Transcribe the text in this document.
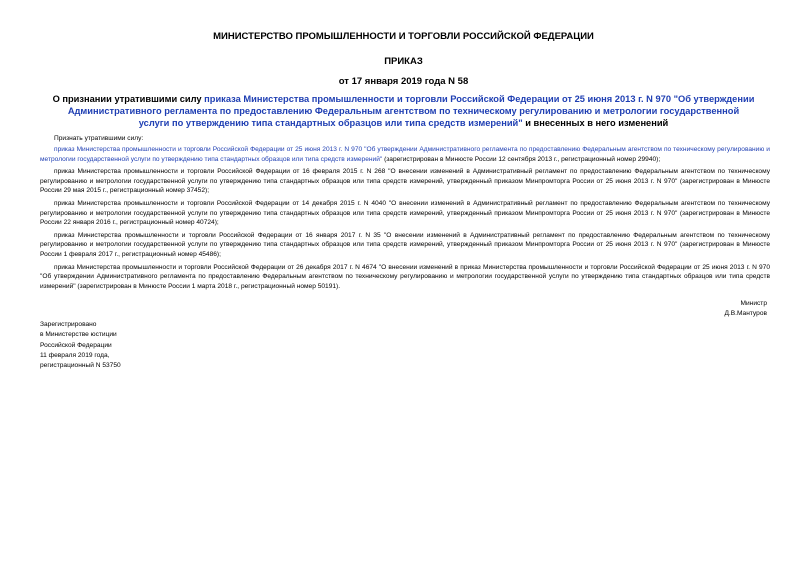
МИНИСТЕРСТВО ПРОМЫШЛЕННОСТИ И ТОРГОВЛИ РОССИЙСКОЙ ФЕДЕРАЦИИ
ПРИКАЗ
от 17 января 2019 года N 58
О признании утратившими силу приказа Министерства промышленности и торговли Российской Федерации от 25 июня 2013 г. N 970 "Об утверждении Административного регламента по предоставлению Федеральным агентством по техническому регулированию и метрологии государственной услуги по утверждению типа стандартных образцов или типа средств измерений" и внесенных в него изменений

Признать утратившими силу:

приказ Министерства промышленности и торговли Российской Федерации от 25 июня 2013 г. N 970 "Об утверждении Административного регламента по предоставлению Федеральным агентством по техническому регулированию и метрологии государственной услуги по утверждению типа стандартных образцов или типа средств измерений" (зарегистрирован в Минюсте России 12 сентября 2013 г., регистрационный номер 29940);

приказ Министерства промышленности и торговли Российской Федерации от 16 февраля 2015 г. N 268 "О внесении изменений в Административный регламент по предоставлению Федеральным агентством по техническому регулированию и метрологии государственной услуги по утверждению типа стандартных образцов или типа средств измерений, утвержденный приказом Минпромторга России от 25 июня 2013 г. N 970" (зарегистрирован в Минюсте России 29 мая 2015 г., регистрационный номер 37452);

приказ Министерства промышленности и торговли Российской Федерации от 14 декабря 2015 г. N 4040 "О внесении изменений в Административный регламент по предоставлению Федеральным агентством по техническому регулированию и метрологии государственной услуги по утверждению типа стандартных образцов или типа средств измерений, утвержденный приказом Минпромторга России от 25 июня 2013 г. N 970" (зарегистрирован в Минюсте России 22 января 2016 г., регистрационный номер 40724);

приказ Министерства промышленности и торговли Российской Федерации от 16 января 2017 г. N 35 "О внесении изменений в Административный регламент по предоставлению Федеральным агентством по техническому регулированию и метрологии государственной услуги по утверждению типа стандартных образцов или типа средств измерений, утвержденный приказом Минпромторга России от 25 июня 2013 г. N 970" (зарегистрирован в Минюсте России 1 февраля 2017 г., регистрационный номер 45486);

приказ Министерства промышленности и торговли Российской Федерации от 26 декабря 2017 г. N 4674 "О внесении изменений в приказ Министерства промышленности и торговли Российской Федерации от 25 июня 2013 г. N 970 "Об утверждении Административного регламента по предоставлению Федеральным агентством по техническому регулированию и метрологии государственной услуги по утверждению типа стандартных образцов или типа средств измерений" (зарегистрирован в Минюсте России 1 марта 2018 г., регистрационный номер 50191).

Министр
Д.В.Мантуров
Зарегистрировано
в Министерстве юстиции
Российской Федерации
11 февраля 2019 года,
регистрационный N 53750
